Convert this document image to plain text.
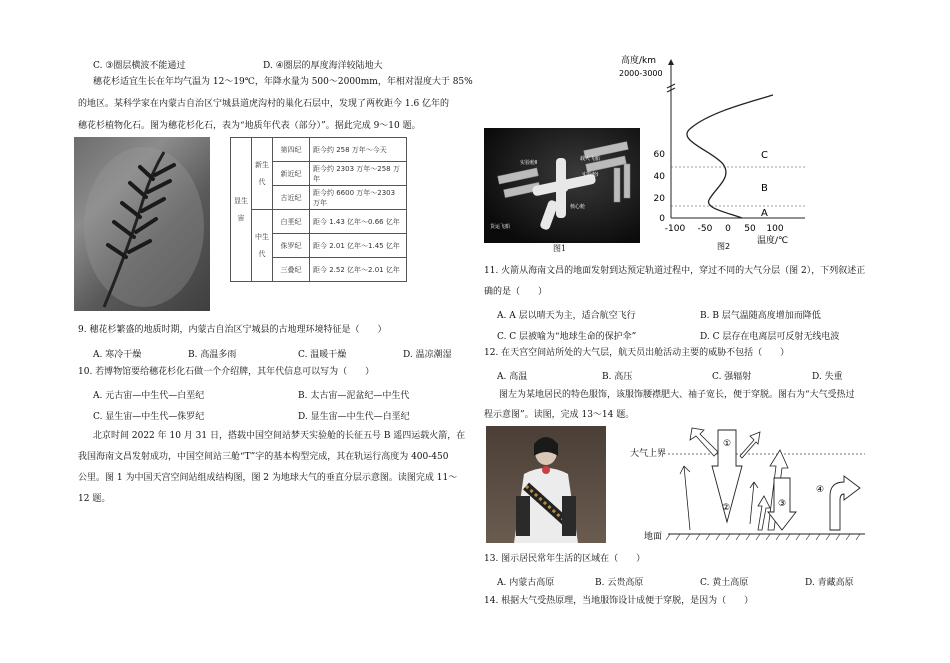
C. ③圈层横波不能通过	D. ④圈层的厚度海洋较陆地大
穗花杉适宜生长在年均气温为 12～19℃，年降水量为 500～2000mm，年相对湿度大于 85%
的地区。某科学家在内蒙古自治区宁城县道虎沟村的巢化石层中，发现了两枚距今 1.6 亿年的
穗花杉植物化石。图为穗花杉化石，表为“地质年代表（部分）”。据此完成 9～10 题。
显生宙	新生代	第四纪	距今约 258 万年～今天
		新近纪	距今约 2303 万年～258 万年
		古近纪	距今约 6600 万年～2303 万年
	中生代	白垩纪	距今 1.43 亿年～0.66 亿年
		侏罗纪	距今 2.01 亿年～1.45 亿年
		三叠纪	距今 2.52 亿年～2.01 亿年
9. 穗花杉繁盛的地质时期，内蒙古自治区宁城县的古地理环境特征是（　　）
A. 寒冷干燥	B. 高温多雨	C. 温暖干燥	D. 温凉潮湿
10. 若博物馆要给穗花杉化石做一个介绍牌，其年代信息可以写为（　　）
A. 元古宙—中生代—白垩纪	B. 太古宙—泥盆纪—中生代
C. 显生宙—中生代—侏罗纪	D. 显生宙—中生代—白垩纪
北京时间 2022 年 10 月 31 日，搭载中国空间站梦天实验舱的长征五号 B 遥四运载火箭，在
我国海南文昌发射成功，中国空间站三舱“T”字的基本构型完成，其在轨运行高度为 400-450
公里。图 1 为中国天宫空间站组成结构图，图 2 为地球大气的垂直分层示意图。读图完成 11～
12 题。
实验舱Ⅱ
载人飞船
实验舱Ⅰ
货运飞船
核心舱
图1
高度/km
2000-3000
60
40
20
0
-100 -50 0 50 100
温度/℃
C
B
A
图2
11. 火箭从海南文昌的地面发射到达预定轨道过程中，穿过不同的大气分层（图 2），下列叙述正
确的是（　　）
A. A 层以晴天为主，适合航空飞行	B. B 层气温随高度增加而降低
C. C 层被喻为“地球生命的保护伞”	D. C 层存在电离层可反射无线电波
12. 在天宫空间站所处的大气层，航天员出舱活动主要的威胁不包括（　　）
A. 高温	B. 高压	C. 强辐射	D. 失重
图左为某地居民的特色服饰，该服饰腰襟肥大、袖子宽长，便于穿脱。图右为“大气受热过
程示意图”。读图，完成 13～14 题。
大气上界
地面
①
②	③
④
13. 图示居民常年生活的区域在（　　）
A. 内蒙古高原	B. 云贵高原	C. 黄土高原	D. 青藏高原
14. 根据大气受热原理，当地服饰设计成便于穿脱，是因为（　　）
